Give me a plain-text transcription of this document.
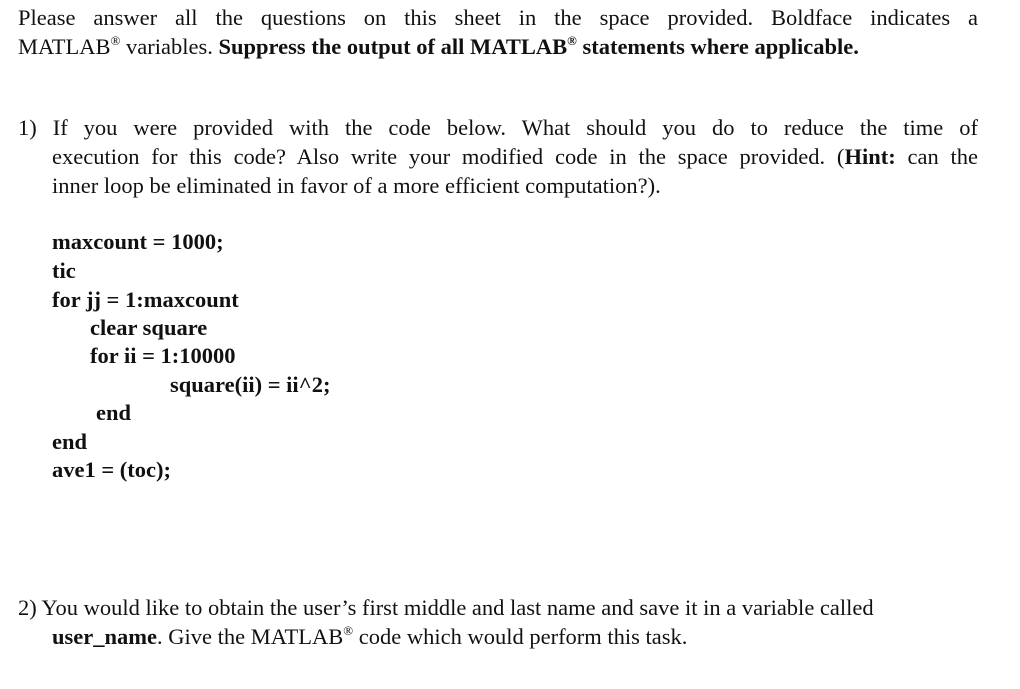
Please answer all the questions on this sheet in the space provided. Boldface indicates a
MATLAB® variables. Suppress the output of all MATLAB® statements where applicable.
1) If you were provided with the code below. What should you do to reduce the time of
execution for this code? Also write your modified code in the space provided. (Hint: can the
inner loop be eliminated in favor of a more efficient computation?).
maxcount = 1000;
tic
for jj = 1:maxcount
clear square
for ii = 1:10000
square(ii) = ii^2;
end
end
ave1 = (toc);
2) You would like to obtain the user’s first middle and last name and save it in a variable called
user_name. Give the MATLAB® code which would perform this task.
